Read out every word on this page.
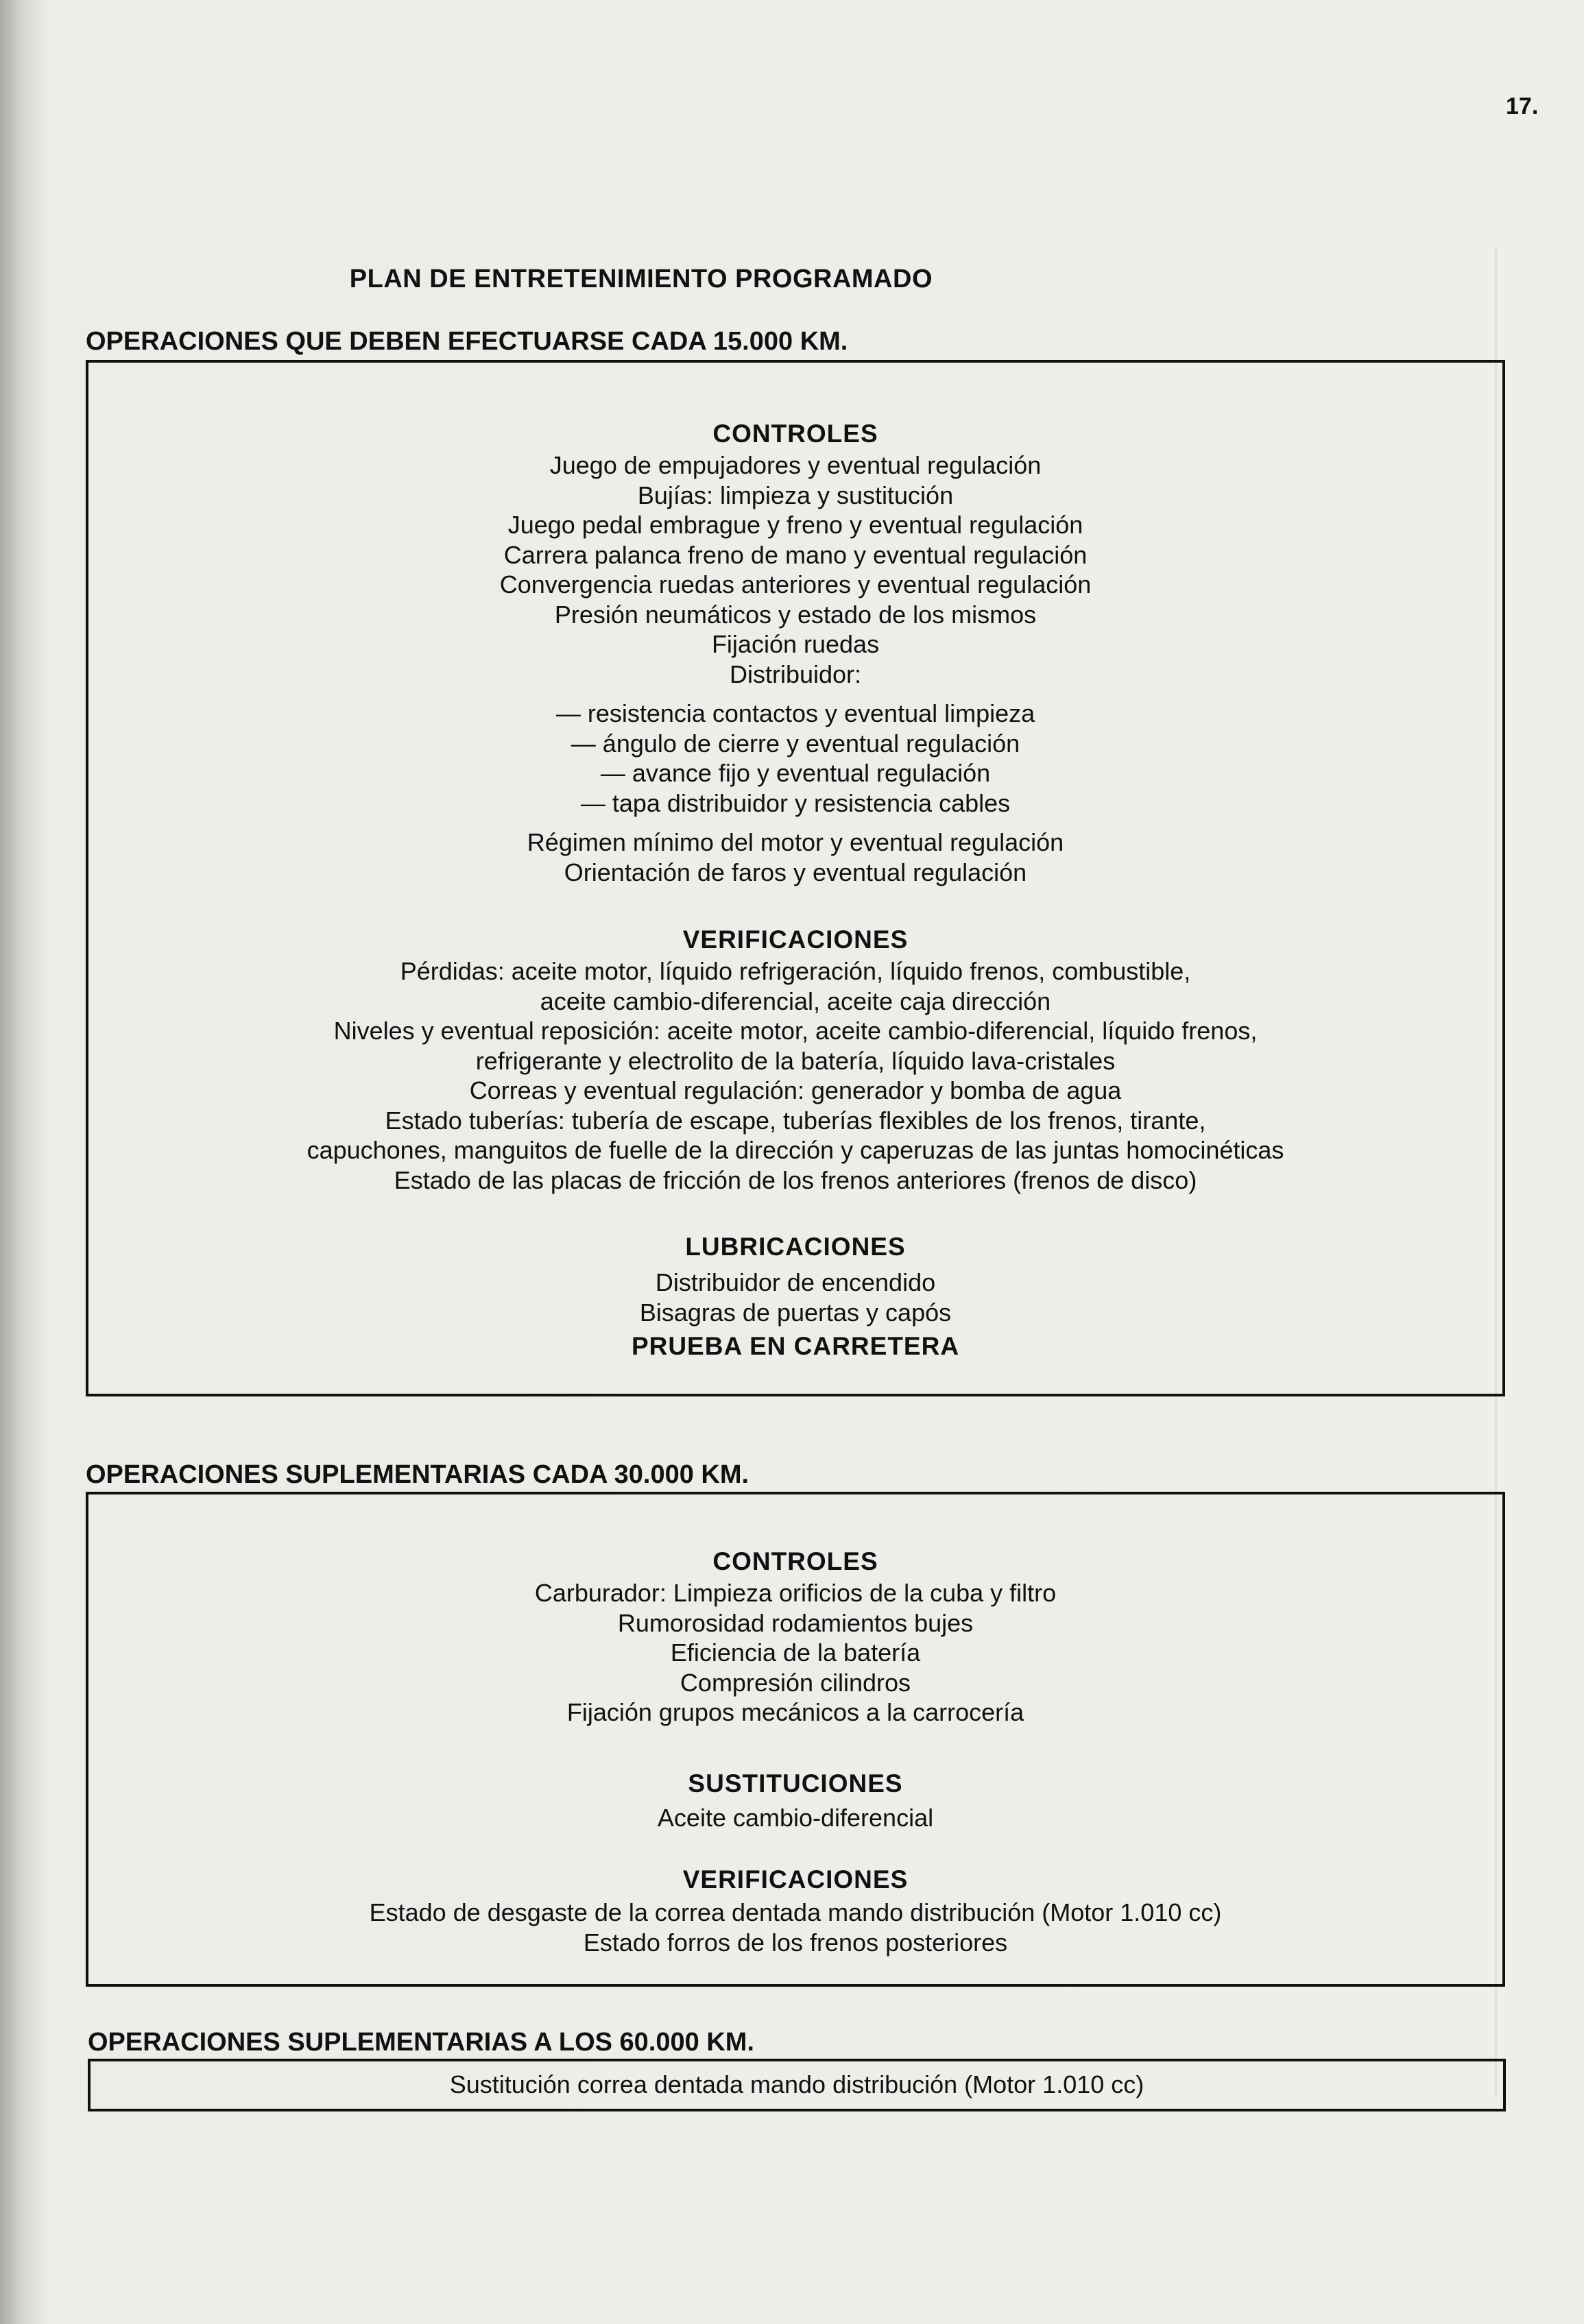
17.
PLAN DE ENTRETENIMIENTO PROGRAMADO
OPERACIONES QUE DEBEN EFECTUARSE CADA 15.000 KM.
CONTROLES
Juego de empujadores y eventual regulación
Bujías: limpieza y sustitución
Juego pedal embrague y freno y eventual regulación
Carrera palanca freno de mano y eventual regulación
Convergencia ruedas anteriores y eventual regulación
Presión neumáticos y estado de los mismos
Fijación ruedas
Distribuidor:
— resistencia contactos y eventual limpieza
— ángulo de cierre y eventual regulación
— avance fijo y eventual regulación
— tapa distribuidor y resistencia cables
Régimen mínimo del motor y eventual regulación
Orientación de faros y eventual regulación
VERIFICACIONES
Pérdidas: aceite motor, líquido refrigeración, líquido frenos, combustible,
aceite cambio-diferencial, aceite caja dirección
Niveles y eventual reposición: aceite motor, aceite cambio-diferencial, líquido frenos,
refrigerante y electrolito de la batería, líquido lava-cristales
Correas y eventual regulación: generador y bomba de agua
Estado tuberías: tubería de escape, tuberías flexibles de los frenos, tirante,
capuchones, manguitos de fuelle de la dirección y caperuzas de las juntas homocinéticas
Estado de las placas de fricción de los frenos anteriores (frenos de disco)
LUBRICACIONES
Distribuidor de encendido
Bisagras de puertas y capós
PRUEBA EN CARRETERA
OPERACIONES SUPLEMENTARIAS CADA 30.000 KM.
CONTROLES
Carburador: Limpieza orificios de la cuba y filtro
Rumorosidad rodamientos bujes
Eficiencia de la batería
Compresión cilindros
Fijación grupos mecánicos a la carrocería
SUSTITUCIONES
Aceite cambio-diferencial
VERIFICACIONES
Estado de desgaste de la correa dentada mando distribución (Motor 1.010 cc)
Estado forros de los frenos posteriores
OPERACIONES SUPLEMENTARIAS A LOS 60.000 KM.
Sustitución correa dentada mando distribución (Motor 1.010 cc)
